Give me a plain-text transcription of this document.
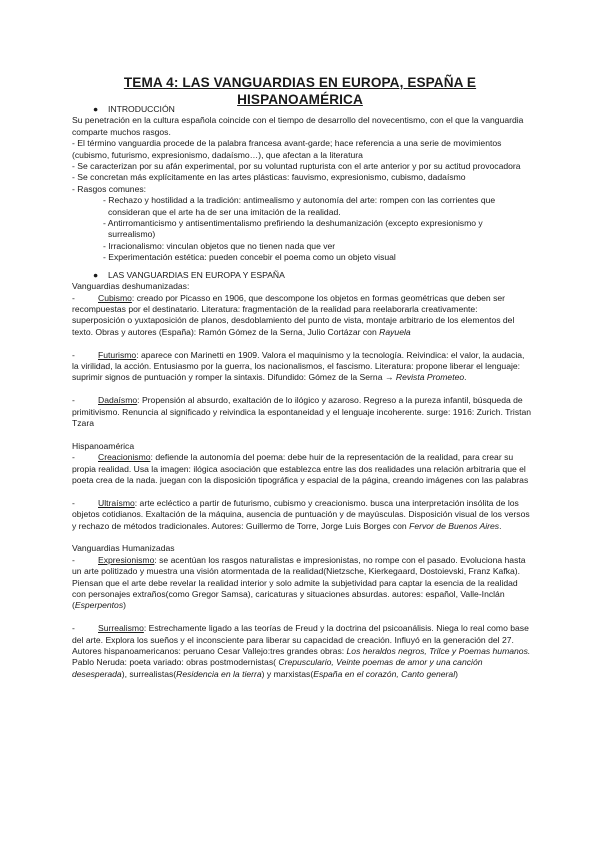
TEMA 4: LAS VANGUARDIAS EN EUROPA, ESPAÑA E
HISPANOAMÉRICA

● INTRODUCCIÓN

Su penetración en la cultura española coincide con el tiempo de desarrollo del novecentismo, con el que la vanguardia comparte muchos rasgos.

- El término vanguardia procede de la palabra francesa avant-garde; hace referencia a una serie de movimientos (cubismo, futurismo, expresionismo, dadaísmo…), que afectan a la literatura

- Se caracterizan por su afán experimental, por su voluntad rupturista con el arte anterior y por su actitud provocadora

- Se concretan más explícitamente en las artes plásticas: fauvismo, expresionismo, cubismo, dadaísmo

- Rasgos comunes:

- Rechazo y hostilidad a la tradición: antimealismo y autonomía del arte: rompen con las corrientes que consideran que el arte ha de ser una imitación de la realidad.

- Antirromanticismo y antisentimentalismo prefiriendo la deshumanización (excepto expresionismo y surrealismo)

- Irracionalismo: vinculan objetos que no tienen nada que ver

- Experimentación estética: pueden concebir el poema como un objeto visual

● LAS VANGUARDIAS EN EUROPA Y ESPAÑA

Vanguardias deshumanizadas:

-	Cubismo: creado por Picasso en 1906, que descompone los objetos en formas geométricas que deben ser recompuestas por el destinatario. Literatura: fragmentación de la realidad para reelaborarla creativamente: superposición o yuxtaposición de planos, desdoblamiento del punto de vista, montaje arbitrario de los elementos del texto. Obras y autores (España): Ramón Gómez de la Serna, Julio Cortázar con Rayuela

-	Futurismo: aparece con Marinetti en 1909. Valora el maquinismo y la tecnología. Reivindica: el valor, la audacia, la virilidad, la acción. Entusiasmo por la guerra, los nacionalismos, el fascismo. Literatura: propone liberar el lenguaje: suprimir signos de puntuación y romper la sintaxis. Difundido: Gómez de la Serna → Revista Prometeo.

-	Dadaísmo: Propensión al absurdo, exaltación de lo ilógico y azaroso. Regreso a la pureza infantil, búsqueda de primitivismo. Renuncia al significado y reivindica la espontaneidad y el lenguaje incoherente. surge: 1916: Zurich. Tristan Tzara

Hispanoamérica

-	Creacionismo: defiende la autonomía del poema: debe huir de la representación de la realidad, para crear su propia realidad. Usa la imagen: ilógica asociación que establezca entre las dos realidades una relación arbitraria que el poeta crea de la nada. juegan con la disposición tipográfica y espacial de la página, creando imágenes con las palabras

-	Ultraísmo: arte ecléctico a partir de futurismo, cubismo y creacionismo. busca una interpretación insólita de los objetos cotidianos. Exaltación de la máquina, ausencia de puntuación y de mayúsculas. Disposición visual de los versos y rechazo de métodos tradicionales. Autores: Guillermo de Torre, Jorge Luis Borges con Fervor de Buenos Aires.

Vanguardias Humanizadas

-	Expresionismo: se acentúan los rasgos naturalistas e impresionistas, no rompe con el pasado. Evoluciona hasta un arte politizado y muestra una visión atormentada de la realidad(Nietzsche, Kierkegaard, Dostoievski, Franz Kafka). Piensan que el arte debe revelar la realidad interior y solo admite la subjetividad para captar la esencia de la realidad con personajes extraños(como Gregor Samsa), caricaturas y situaciones absurdas. autores: español, Valle-Inclán (Esperpentos)

-	Surrealismo: Estrechamente ligado a las teorías de Freud y la doctrina del psicoanálisis. Niega lo real como base del arte. Explora los sueños y el inconsciente para liberar su capacidad de creación. Influyó en la generación del 27. Autores hispanoamericanos: peruano Cesar Vallejo:tres grandes obras: Los heraldos negros, Trilce y Poemas humanos. Pablo Neruda: poeta variado: obras postmodernistas( Crepusculario, Veinte poemas de amor y una canción desesperada), surrealistas(Residencia en la tierra) y marxistas(España en el corazón, Canto general)
